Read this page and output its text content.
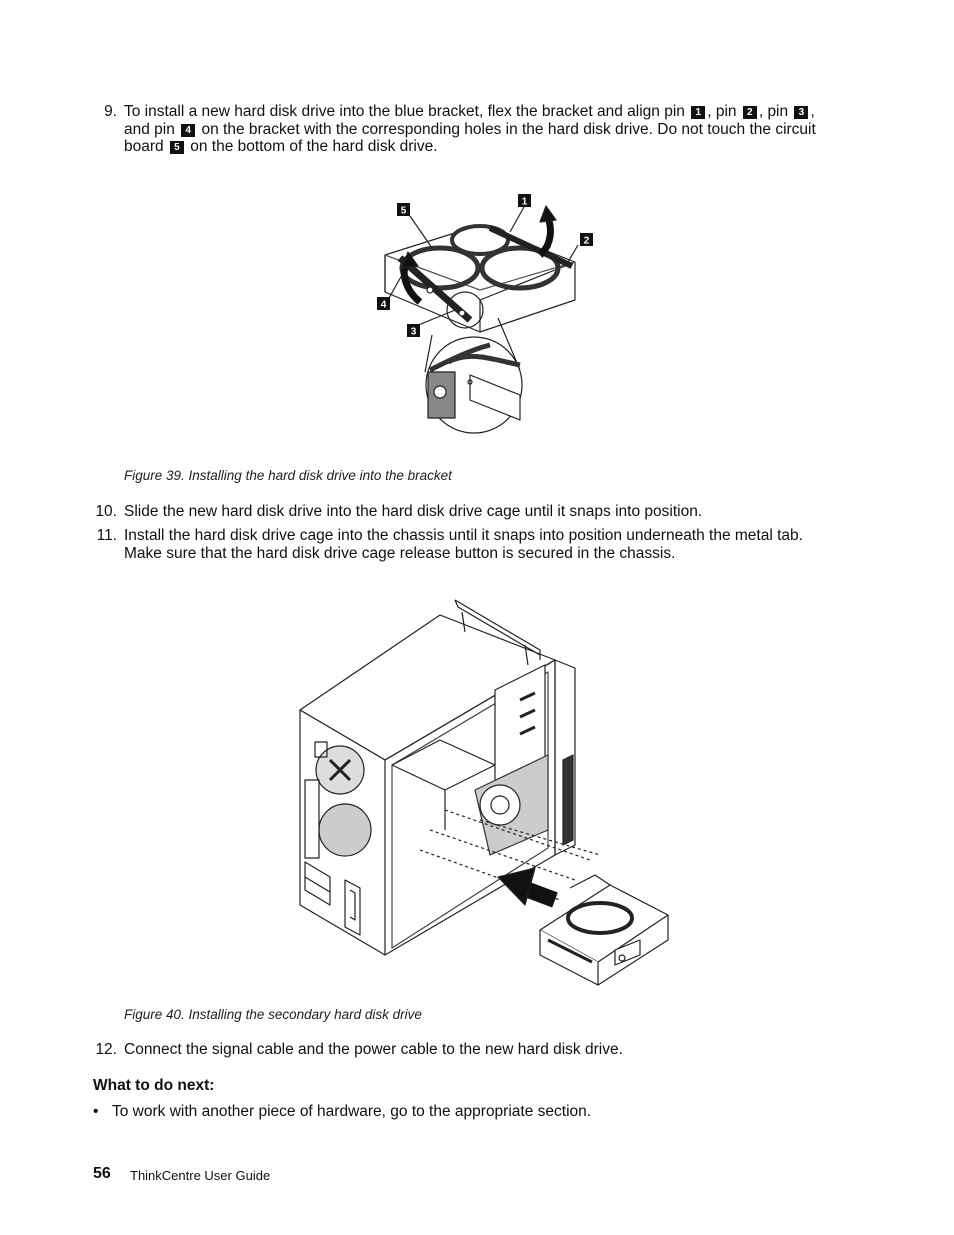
9. To install a new hard disk drive into the blue bracket, flex the bracket and align pin 1 , pin 2 , pin 3 ,
and pin 4 on the bracket with the corresponding holes in the hard disk drive. Do not touch the circuit
board 5 on the bottom of the hard disk drive.
5
1
2
4
3
Figure 39. Installing the hard disk drive into the bracket
10. Slide the new hard disk drive into the hard disk drive cage until it snaps into position.
11. Install the hard disk drive cage into the chassis until it snaps into position underneath the metal tab.
Make sure that the hard disk drive cage release button is secured in the chassis.
Figure 40. Installing the secondary hard disk drive
12. Connect the signal cable and the power cable to the new hard disk drive.
What to do next:
• To work with another piece of hardware, go to the appropriate section.
56 ThinkCentre User Guide
